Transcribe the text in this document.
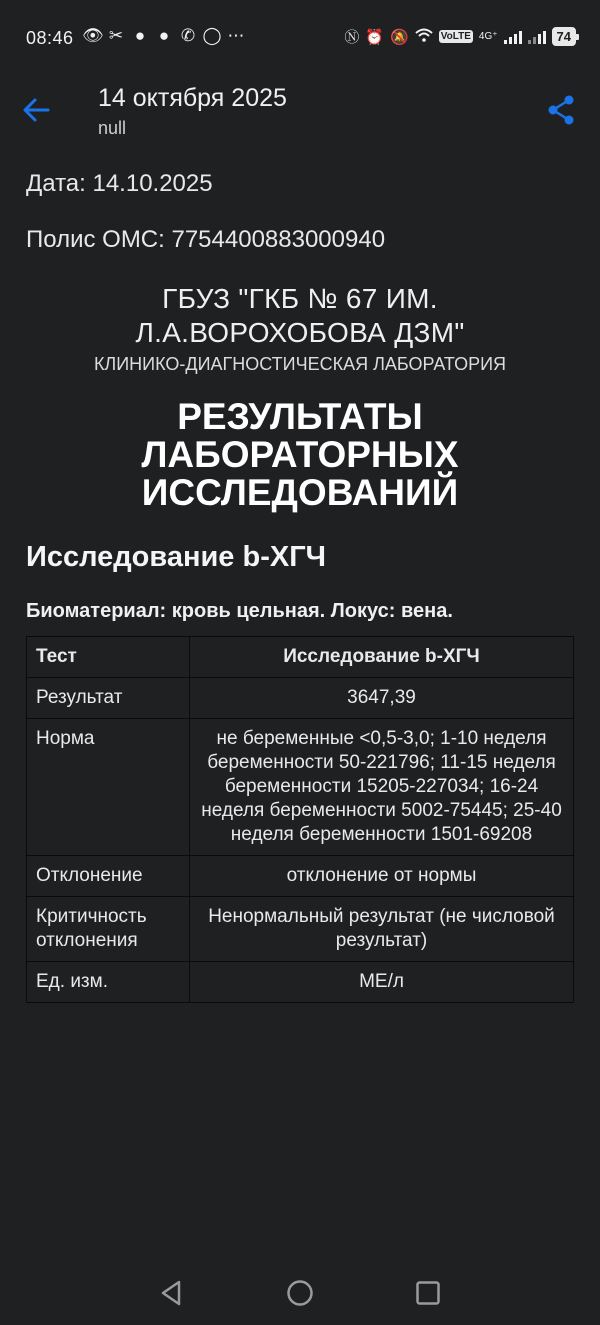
08:46 👁 ✂ ● ● ✆ ◯ ⋯	Ⓝ ⏰ 🔕	VoLTE 4G⁺	74
14 октября 2025
null
Дата: 14.10.2025
Полис ОМС: 7754400883000940
ГБУЗ "ГКБ № 67 ИМ.
Л.А.ВОРОХОБОВА ДЗМ"
КЛИНИКО-ДИАГНОСТИЧЕСКАЯ ЛАБОРАТОРИЯ
РЕЗУЛЬТАТЫ
ЛАБОРАТОРНЫХ
ИССЛЕДОВАНИЙ
Исследование b-ХГЧ
Биоматериал: кровь цельная. Локус: вена.
Тест	Исследование b-ХГЧ
Результат	3647,39
Норма	не беременные <0,5-3,0; 1-10 неделя беременности 50-221796; 11-15 неделя беременности 15205-227034; 16-24 неделя беременности 5002-75445; 25-40 неделя беременности 1501-69208
Отклонение	отклонение от нормы
Критичность отклонения	Ненормальный результат (не числовой результат)
Ед. изм.	МЕ/л
